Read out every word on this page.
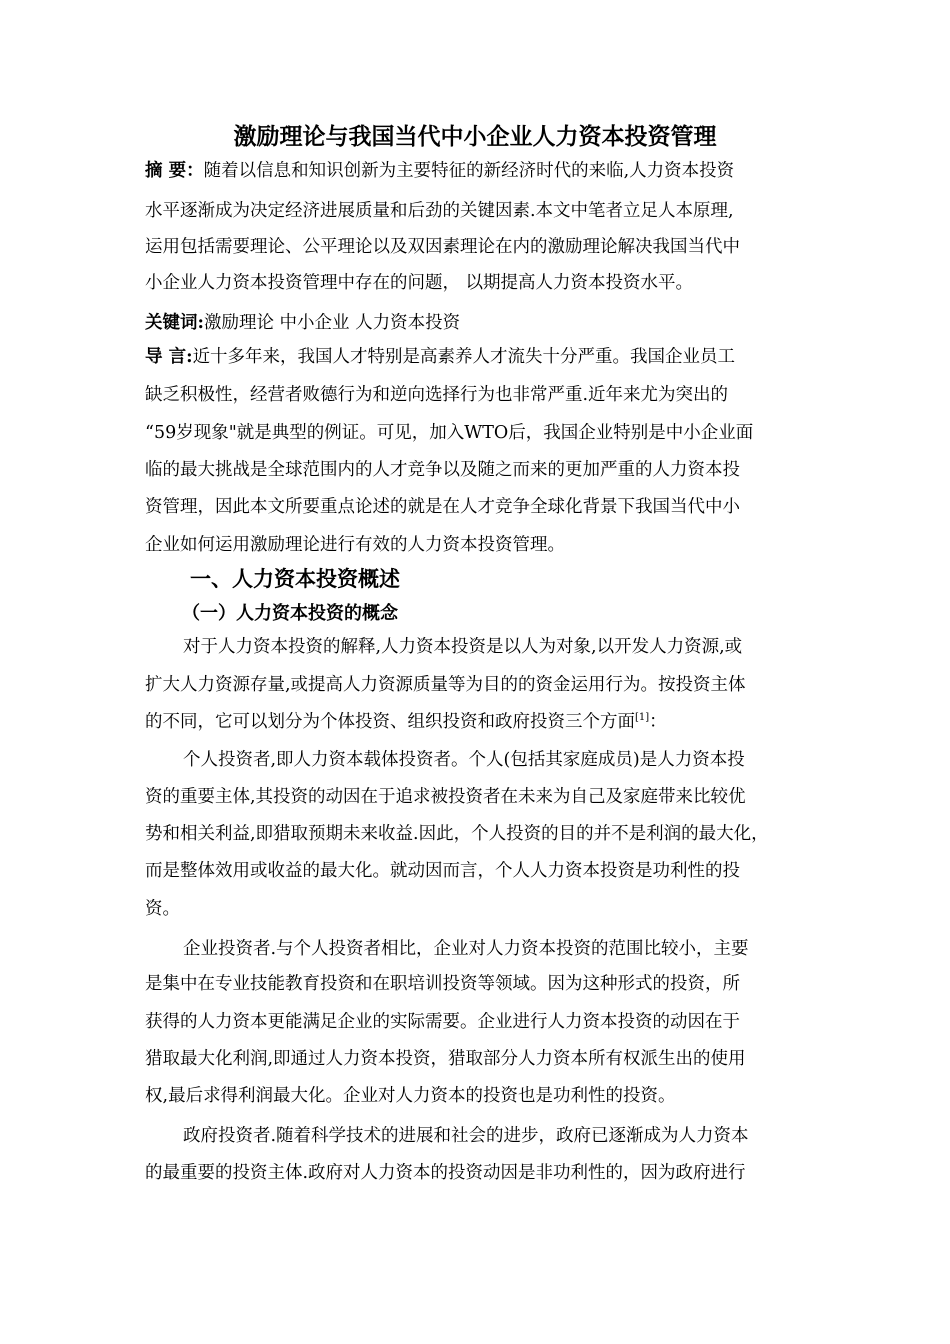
激励理论与我国当代中小企业人力资本投资管理
摘 要：随着以信息和知识创新为主要特征的新经济时代的来临,人力资本投资
水平逐渐成为决定经济进展质量和后劲的关键因素.本文中笔者立足人本原理,
运用包括需要理论、公平理论以及双因素理论在内的激励理论解决我国当代中
小企业人力资本投资管理中存在的问题， 以期提高人力资本投资水平。
关键词:激励理论 中小企业 人力资本投资
导 言:近十多年来，我国人才特别是高素养人才流失十分严重。我国企业员工
缺乏积极性，经营者败德行为和逆向选择行为也非常严重.近年来尤为突出的
“59岁现象"就是典型的例证。可见，加入WTO后，我国企业特别是中小企业面
临的最大挑战是全球范围内的人才竞争以及随之而来的更加严重的人力资本投
资管理，因此本文所要重点论述的就是在人才竞争全球化背景下我国当代中小
企业如何运用激励理论进行有效的人力资本投资管理。
一、人力资本投资概述
（一）人力资本投资的概念
对于人力资本投资的解释,人力资本投资是以人为对象,以开发人力资源,或
扩大人力资源存量,或提高人力资源质量等为目的的资金运用行为。按投资主体
的不同，它可以划分为个体投资、组织投资和政府投资三个方面[1]：
个人投资者,即人力资本载体投资者。个人(包括其家庭成员)是人力资本投
资的重要主体,其投资的动因在于追求被投资者在未来为自己及家庭带来比较优
势和相关利益,即猎取预期未来收益.因此，个人投资的目的并不是利润的最大化，
而是整体效用或收益的最大化。就动因而言，个人人力资本投资是功利性的投
资。
企业投资者.与个人投资者相比，企业对人力资本投资的范围比较小，主要
是集中在专业技能教育投资和在职培训投资等领域。因为这种形式的投资，所
获得的人力资本更能满足企业的实际需要。企业进行人力资本投资的动因在于
猎取最大化利润,即通过人力资本投资，猎取部分人力资本所有权派生出的使用
权,最后求得利润最大化。企业对人力资本的投资也是功利性的投资。
政府投资者.随着科学技术的进展和社会的进步，政府已逐渐成为人力资本
的最重要的投资主体.政府对人力资本的投资动因是非功利性的，因为政府进行
